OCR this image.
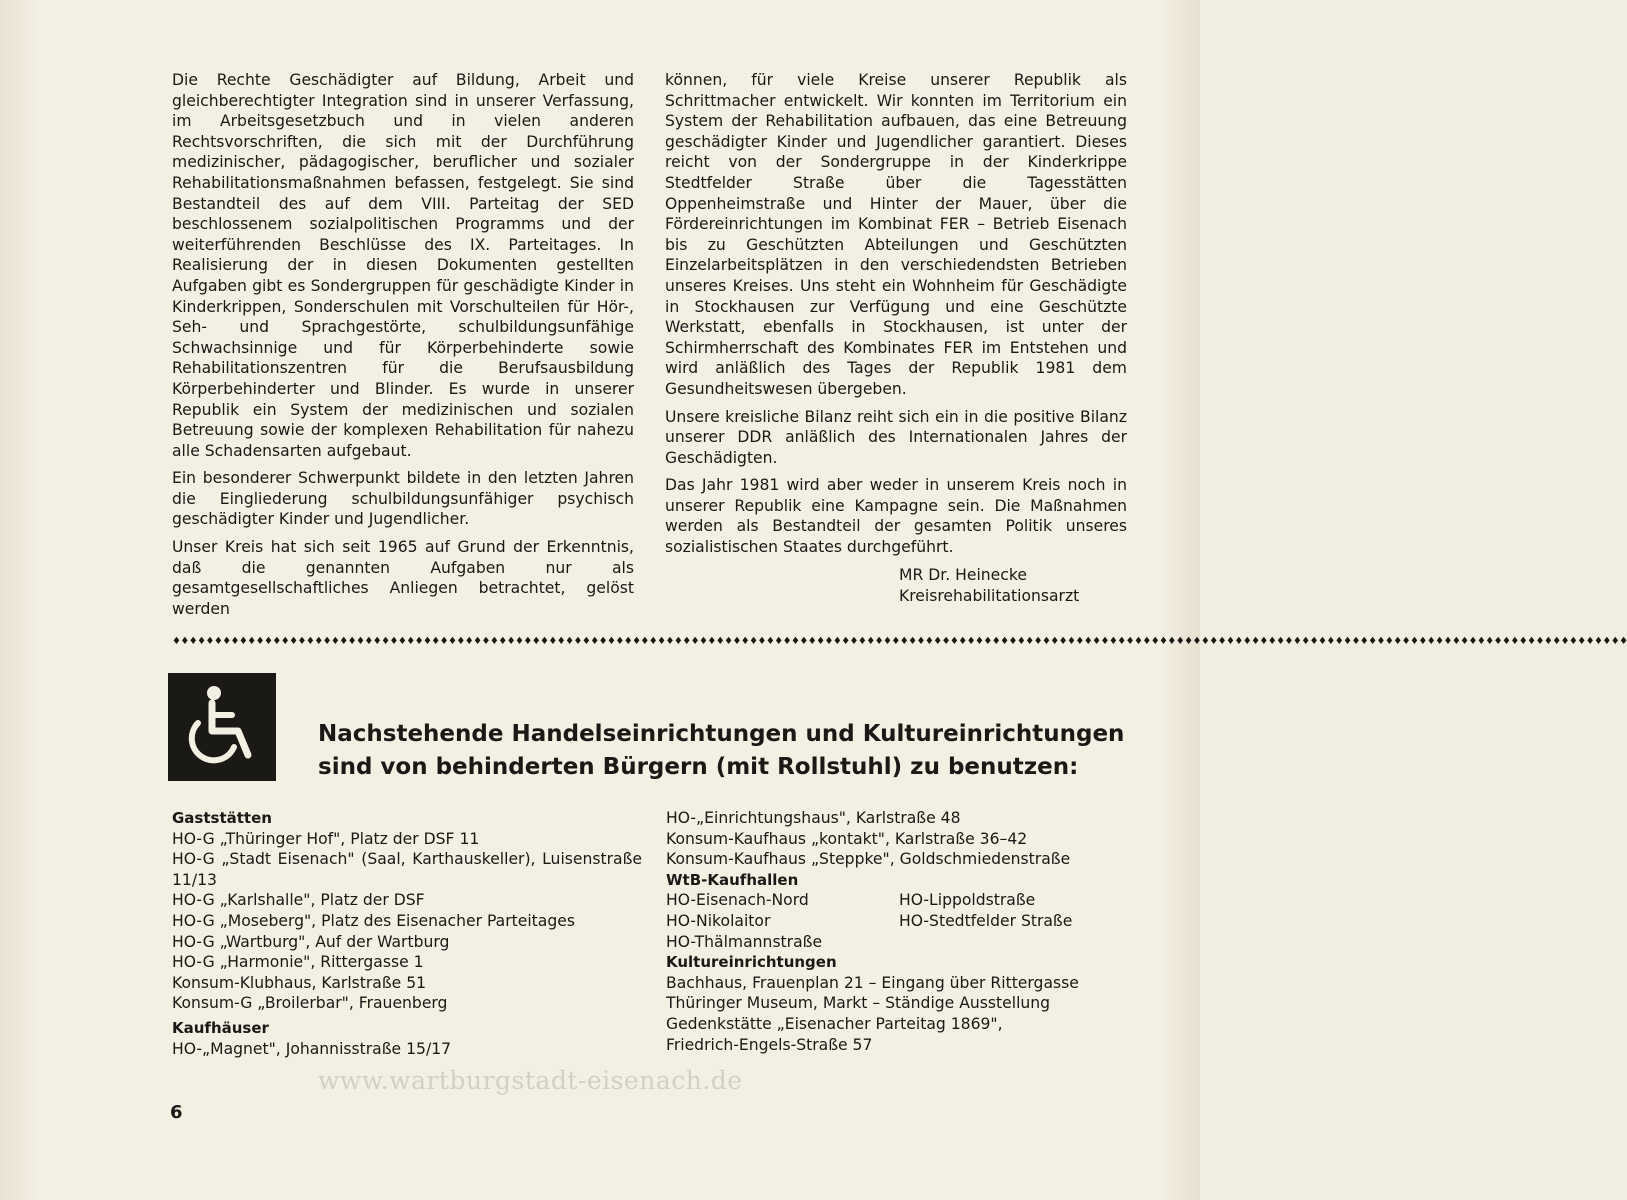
Die Rechte Geschädigter auf Bildung, Arbeit und gleichberechtigter Integration sind in unserer Verfassung, im Arbeitsgesetzbuch und in vielen anderen Rechtsvorschriften, die sich mit der Durchführung medizinischer, pädagogischer, beruflicher und sozialer Rehabilitationsmaßnahmen befassen, festgelegt. Sie sind Bestandteil des auf dem VIII. Parteitag der SED beschlossenem sozialpolitischen Programms und der weiterführenden Beschlüsse des IX. Parteitages. In Realisierung der in diesen Dokumenten gestellten Aufgaben gibt es Sondergruppen für geschädigte Kinder in Kinderkrippen, Sonderschulen mit Vorschulteilen für Hör-, Seh- und Sprachgestörte, schulbildungsunfähige Schwachsinnige und für Körperbehinderte sowie Rehabilitationszentren für die Berufsausbildung Körperbehinderter und Blinder. Es wurde in unserer Republik ein System der medizinischen und sozialen Betreuung sowie der komplexen Rehabilitation für nahezu alle Schadensarten aufgebaut.

Ein besonderer Schwerpunkt bildete in den letzten Jahren die Eingliederung schulbildungsunfähiger psychisch geschädigter Kinder und Jugendlicher.

Unser Kreis hat sich seit 1965 auf Grund der Erkenntnis, daß die genannten Aufgaben nur als gesamtgesellschaftliches Anliegen betrachtet, gelöst werden

können, für viele Kreise unserer Republik als Schrittmacher entwickelt. Wir konnten im Territorium ein System der Rehabilitation aufbauen, das eine Betreuung geschädigter Kinder und Jugendlicher garantiert. Dieses reicht von der Sondergruppe in der Kinderkrippe Stedtfelder Straße über die Tagesstätten Oppenheimstraße und Hinter der Mauer, über die Fördereinrichtungen im Kombinat FER – Betrieb Eisenach bis zu Geschützten Abteilungen und Geschützten Einzelarbeitsplätzen in den verschiedendsten Betrieben unseres Kreises. Uns steht ein Wohnheim für Geschädigte in Stockhausen zur Verfügung und eine Geschützte Werkstatt, ebenfalls in Stockhausen, ist unter der Schirmherrschaft des Kombinates FER im Entstehen und wird anläßlich des Tages der Republik 1981 dem Gesundheitswesen übergeben.

Unsere kreisliche Bilanz reiht sich ein in die positive Bilanz unserer DDR anläßlich des Internationalen Jahres der Geschädigten.

Das Jahr 1981 wird aber weder in unserem Kreis noch in unserer Republik eine Kampagne sein. Die Maßnahmen werden als Bestandteil der gesamten Politik unseres sozialistischen Staates durchgeführt.

MR Dr. Heinecke
Kreisrehabilitationsarzt
♦♦♦♦♦♦♦♦♦♦♦♦♦♦♦♦♦♦♦♦♦♦♦♦♦♦♦♦♦♦♦♦♦♦♦♦♦♦♦♦♦♦♦♦♦♦♦♦♦♦♦♦♦♦♦♦♦♦♦♦♦♦♦♦♦♦♦♦♦♦♦♦♦♦♦♦♦♦♦♦♦♦♦♦♦♦♦♦♦♦♦♦♦♦♦♦♦♦♦♦♦♦♦♦♦♦♦♦♦♦♦♦♦♦♦♦♦♦♦♦♦♦♦♦♦♦♦♦♦♦♦♦♦♦♦♦♦♦♦♦♦♦♦♦♦♦♦♦♦♦♦♦♦♦♦♦♦♦♦♦♦♦♦♦♦♦♦♦♦♦♦♦♦♦
Nachstehende Handelseinrichtungen und Kultureinrichtungen sind von behinderten Bürgern (mit Rollstuhl) zu benutzen:
Gaststätten
HO-G „Thüringer Hof", Platz der DSF 11
HO-G „Stadt Eisenach" (Saal, Karthauskeller), Luisenstraße 11/13
HO-G „Karlshalle", Platz der DSF
HO-G „Moseberg", Platz des Eisenacher Parteitages
HO-G „Wartburg", Auf der Wartburg
HO-G „Harmonie", Rittergasse 1
Konsum-Klubhaus, Karlstraße 51
Konsum-G „Broilerbar", Frauenberg
Kaufhäuser
HO-„Magnet", Johannisstraße 15/17
HO-„Einrichtungshaus", Karlstraße 48
Konsum-Kaufhaus „kontakt", Karlstraße 36–42
Konsum-Kaufhaus „Steppke", Goldschmiedenstraße
WtB-Kaufhallen
HO-Eisenach-Nord	HO-Lippoldstraße
HO-Nikolaitor	HO-Stedtfelder Straße
HO-Thälmannstraße
Kultureinrichtungen
Bachhaus, Frauenplan 21 – Eingang über Rittergasse
Thüringer Museum, Markt – Ständige Ausstellung
Gedenkstätte „Eisenacher Parteitag 1869",
Friedrich-Engels-Straße 57
www.wartburgstadt-eisenach.de
6
